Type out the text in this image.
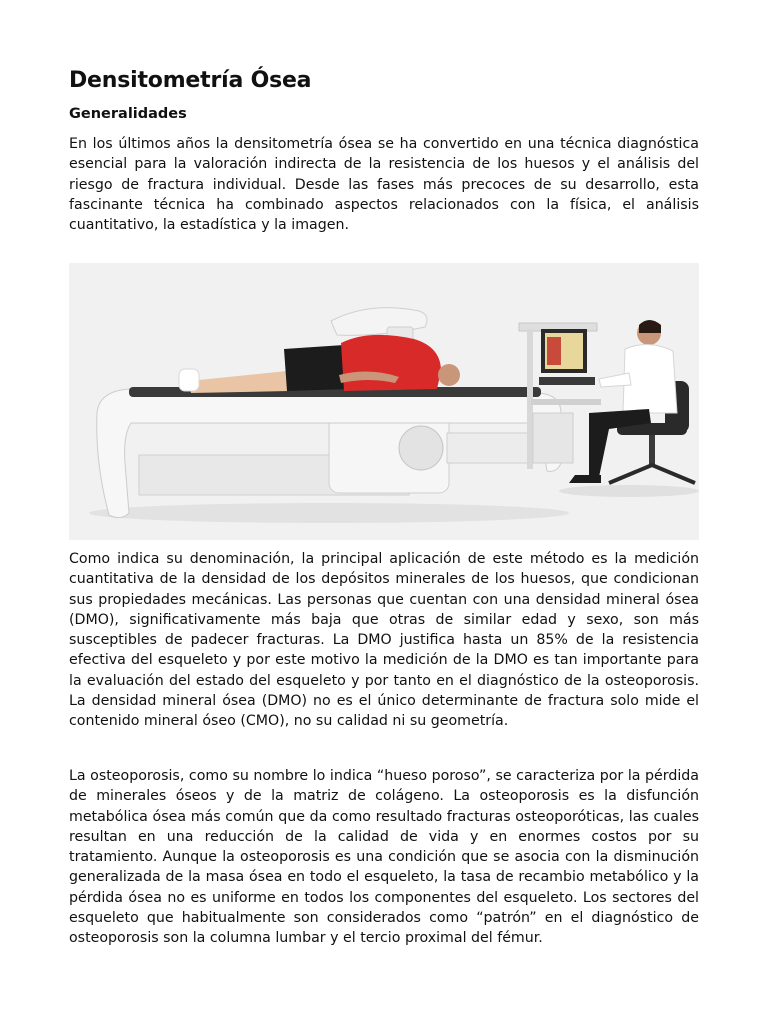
Densitometría Ósea
Generalidades

En los últimos años la densitometría ósea se ha convertido en una técnica diagnóstica esencial para la valoración indirecta de la resistencia de los huesos y el análisis del riesgo de fractura individual. Desde las fases más precoces de su desarrollo, esta fascinante técnica ha combinado aspectos relacionados con la física, el análisis cuantitativo, la estadística y la imagen.

Como indica su denominación, la principal aplicación de este método es la medición cuantitativa de la densidad de los depósitos minerales de los huesos, que condicionan sus propiedades mecánicas. Las personas que cuentan con una densidad mineral ósea (DMO), significativamente más baja que otras de similar edad y sexo, son más susceptibles de padecer fracturas. La DMO justifica hasta un 85% de la resistencia efectiva del esqueleto y por este motivo la medición de la DMO es tan importante para la evaluación del estado del esqueleto y por tanto en el diagnóstico de la osteoporosis. La densidad mineral ósea (DMO) no es el único determinante de fractura solo mide el contenido mineral óseo (CMO), no su calidad ni su geometría.

La osteoporosis, como su nombre lo indica “hueso poroso”, se caracteriza por la pérdida de minerales óseos y de la matriz de colágeno. La osteoporosis es la disfunción metabólica ósea más común que da como resultado fracturas osteoporóticas, las cuales resultan en una reducción de la calidad de vida y en enormes costos por su tratamiento. Aunque la osteoporosis es una condición que se asocia con la disminución generalizada de la masa ósea en todo el esqueleto, la tasa de recambio metabólico y la pérdida ósea no es uniforme en todos los componentes del esqueleto. Los sectores del esqueleto que habitualmente son considerados como “patrón” en el diagnóstico de osteoporosis son la columna lumbar y el tercio proximal del fémur.
